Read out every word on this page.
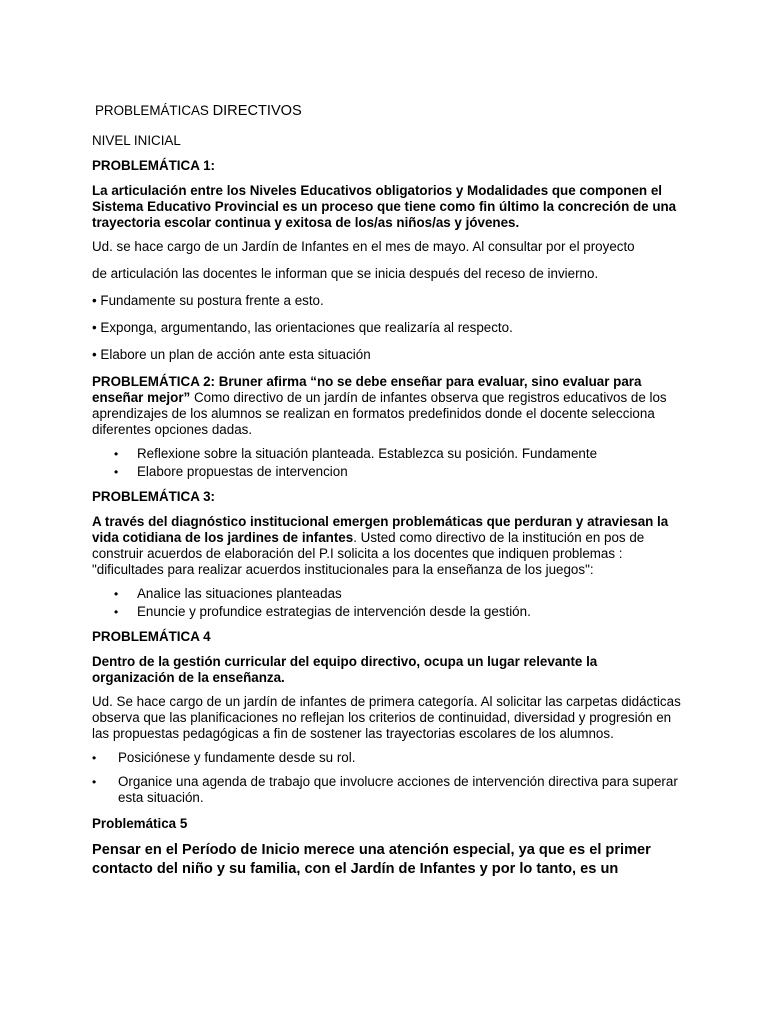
PROBLEMÁTICAS DIRECTIVOS

NIVEL INICIAL

PROBLEMÁTICA 1:

La articulación entre los Niveles Educativos obligatorios y Modalidades que componen el Sistema Educativo Provincial es un proceso que tiene como fin último la concreción de una trayectoria escolar continua y exitosa de los/as niños/as y jóvenes.

Ud. se hace cargo de un Jardín de Infantes en el mes de mayo. Al consultar por el proyecto

de articulación las docentes le informan que se inicia después del receso de invierno.

• Fundamente su postura frente a esto.

• Exponga, argumentando, las orientaciones que realizaría al respecto.

• Elabore un plan de acción ante esta situación

PROBLEMÁTICA 2: Bruner afirma “no se debe enseñar para evaluar, sino evaluar para enseñar mejor” Como directivo de un jardín de infantes observa que registros educativos de los aprendizajes de los alumnos se realizan en formatos predefinidos donde el docente selecciona diferentes opciones dadas.

• Reflexione sobre la situación planteada. Establezca su posición. Fundamente
• Elabore propuestas de intervencion

PROBLEMÁTICA 3:

A través del diagnóstico institucional emergen problemáticas que perduran y atraviesan la vida cotidiana de los jardines de infantes. Usted como directivo de la institución en pos de construir acuerdos de elaboración del P.I solicita a los docentes que indiquen problemas : "dificultades para realizar acuerdos institucionales para la enseñanza de los juegos":

• Analice las situaciones planteadas
• Enuncie y profundice estrategias de intervención desde la gestión.

PROBLEMÁTICA 4

Dentro de la gestión curricular del equipo directivo, ocupa un lugar relevante la organización de la enseñanza.

Ud. Se hace cargo de un jardín de infantes de primera categoría. Al solicitar las carpetas didácticas observa que las planificaciones no reflejan los criterios de continuidad, diversidad y progresión en las propuestas pedagógicas a fin de sostener las trayectorias escolares de los alumnos.

• Posiciónese y fundamente desde su rol.
• Organice una agenda de trabajo que involucre acciones de intervención directiva para superar esta situación.

Problemática 5

Pensar en el Período de Inicio merece una atención especial, ya que es el primer contacto del niño y su familia, con el Jardín de Infantes y por lo tanto, es un
